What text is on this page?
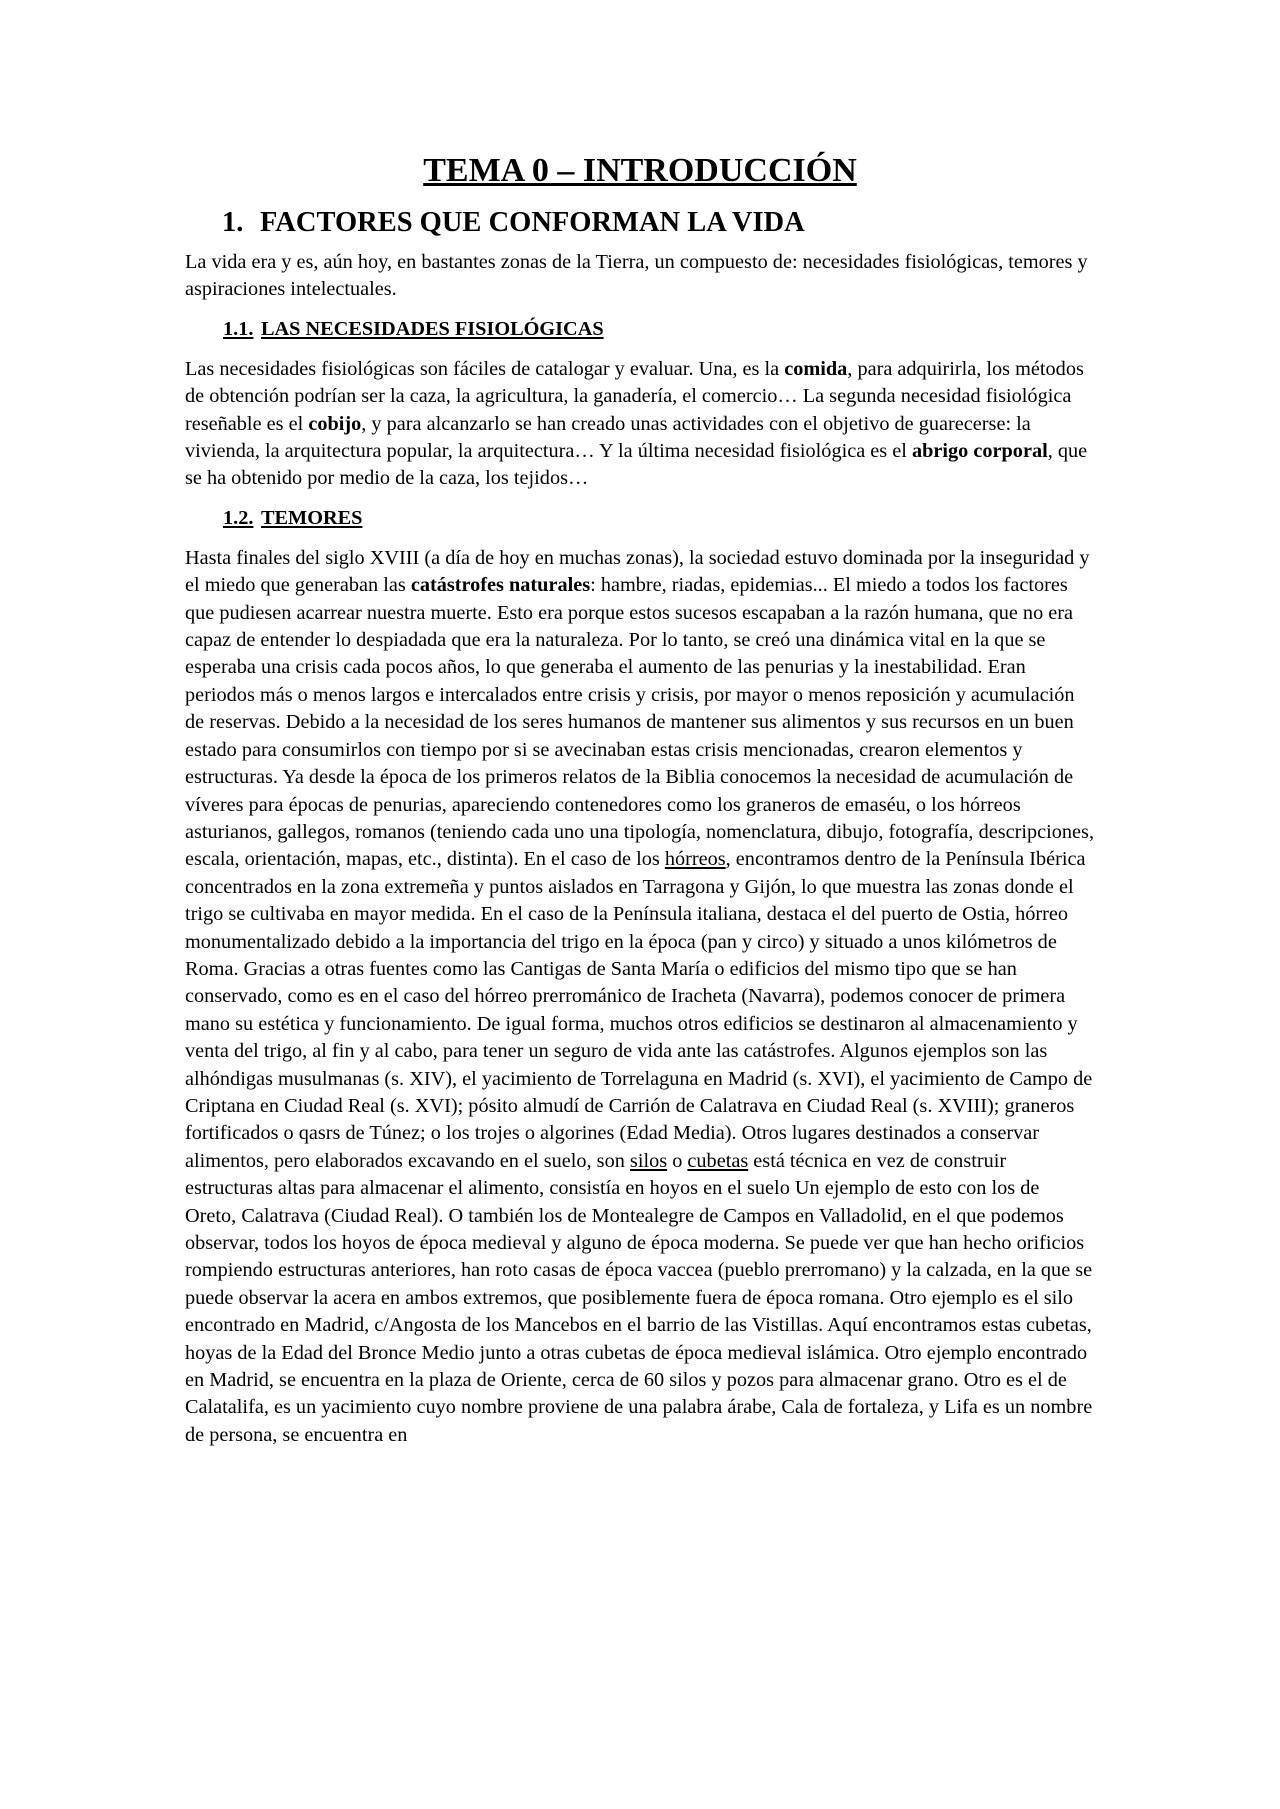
TEMA 0 – INTRODUCCIÓN
1. FACTORES QUE CONFORMAN LA VIDA

La vida era y es, aún hoy, en bastantes zonas de la Tierra, un compuesto de: necesidades fisiológicas, temores y aspiraciones intelectuales.

1.1. LAS NECESIDADES FISIOLÓGICAS

Las necesidades fisiológicas son fáciles de catalogar y evaluar. Una, es la comida, para adquirirla, los métodos de obtención podrían ser la caza, la agricultura, la ganadería, el comercio… La segunda necesidad fisiológica reseñable es el cobijo, y para alcanzarlo se han creado unas actividades con el objetivo de guarecerse: la vivienda, la arquitectura popular, la arquitectura… Y la última necesidad fisiológica es el abrigo corporal, que se ha obtenido por medio de la caza, los tejidos…

1.2. TEMORES

Hasta finales del siglo XVIII (a día de hoy en muchas zonas), la sociedad estuvo dominada por la inseguridad y el miedo que generaban las catástrofes naturales: hambre, riadas, epidemias... El miedo a todos los factores que pudiesen acarrear nuestra muerte. Esto era porque estos sucesos escapaban a la razón humana, que no era capaz de entender lo despiadada que era la naturaleza. Por lo tanto, se creó una dinámica vital en la que se esperaba una crisis cada pocos años, lo que generaba el aumento de las penurias y la inestabilidad. Eran periodos más o menos largos e intercalados entre crisis y crisis, por mayor o menos reposición y acumulación de reservas. Debido a la necesidad de los seres humanos de mantener sus alimentos y sus recursos en un buen estado para consumirlos con tiempo por si se avecinaban estas crisis mencionadas, crearon elementos y estructuras. Ya desde la época de los primeros relatos de la Biblia conocemos la necesidad de acumulación de víveres para épocas de penurias, apareciendo contenedores como los graneros de emaséu, o los hórreos asturianos, gallegos, romanos (teniendo cada uno una tipología, nomenclatura, dibujo, fotografía, descripciones, escala, orientación, mapas, etc., distinta). En el caso de los hórreos, encontramos dentro de la Península Ibérica concentrados en la zona extremeña y puntos aislados en Tarragona y Gijón, lo que muestra las zonas donde el trigo se cultivaba en mayor medida. En el caso de la Península italiana, destaca el del puerto de Ostia, hórreo monumentalizado debido a la importancia del trigo en la época (pan y circo) y situado a unos kilómetros de Roma. Gracias a otras fuentes como las Cantigas de Santa María o edificios del mismo tipo que se han conservado, como es en el caso del hórreo prerrománico de Iracheta (Navarra), podemos conocer de primera mano su estética y funcionamiento. De igual forma, muchos otros edificios se destinaron al almacenamiento y venta del trigo, al fin y al cabo, para tener un seguro de vida ante las catástrofes. Algunos ejemplos son las alhóndigas musulmanas (s. XIV), el yacimiento de Torrelaguna en Madrid (s. XVI), el yacimiento de Campo de Criptana en Ciudad Real (s. XVI); pósito almudí de Carrión de Calatrava en Ciudad Real (s. XVIII); graneros fortificados o qasrs de Túnez; o los trojes o algorines (Edad Media). Otros lugares destinados a conservar alimentos, pero elaborados excavando en el suelo, son silos o cubetas está técnica en vez de construir estructuras altas para almacenar el alimento, consistía en hoyos en el suelo Un ejemplo de esto con los de Oreto, Calatrava (Ciudad Real). O también los de Montealegre de Campos en Valladolid, en el que podemos observar, todos los hoyos de época medieval y alguno de época moderna. Se puede ver que han hecho orificios rompiendo estructuras anteriores, han roto casas de época vaccea (pueblo prerromano) y la calzada, en la que se puede observar la acera en ambos extremos, que posiblemente fuera de época romana. Otro ejemplo es el silo encontrado en Madrid, c/Angosta de los Mancebos en el barrio de las Vistillas. Aquí encontramos estas cubetas, hoyas de la Edad del Bronce Medio junto a otras cubetas de época medieval islámica. Otro ejemplo encontrado en Madrid, se encuentra en la plaza de Oriente, cerca de 60 silos y pozos para almacenar grano. Otro es el de Calatalifa, es un yacimiento cuyo nombre proviene de una palabra árabe, Cala de fortaleza, y Lifa es un nombre de persona, se encuentra en
